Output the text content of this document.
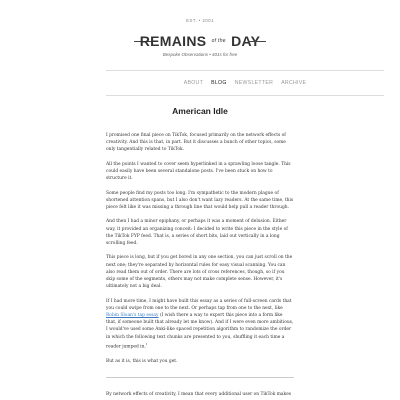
EST. • 2001
REMAINS $^{of the}$ DAY
Bespoke Observations • 401s for free
ABOUT BLOG NEWSLETTER ARCHIVE
American Idle

I promised one final piece on TikTok, focused primarily on the network effects of creativity. And this is that, in part. But it discusses a bunch of other topics, some only tangentially related to TikTok.

All the points I wanted to cover seem hyperlinked in a sprawling loose tangle. This could easily have been several standalone posts. I've been stuck on how to structure it.

Some people find my posts too long. I'm sympathetic to the modern plague of shortened attention spans, but I also don't want lazy readers. At the same time, this piece felt like it was missing a through line that would help pull a reader through.

And then I had a minor epiphany, or perhaps it was a moment of delusion. Either way, it provided an organizing conceit: I decided to write this piece in the style of the TikTok FYP feed. That is, a series of short bits, laid out vertically in a long scrolling feed.

This piece is long, but if you get bored in any one section, you can just scroll on the next one; they're separated by horizontal rules for easy visual scanning. You can also read them out of order. There are lots of cross references, though, so if you skip some of the segments, others may not make complete sense. However, it's ultimately not a big deal.

If I had more time, I might have built this essay as a series of full-screen cards that you could swipe from one to the next. Or perhaps tap from one to the next, like Robin Sloan's tap essay (I wish there a way to export this piece into a form like that, if someone built that already let me know). And if I were even more ambitious, I would've used some Anki-like spaced repetition algorithm to randomize the order in which the following text chunks are presented to you, shuffling it each time a reader jumped in.$^1$

But as it is, this is what you get.

By network effects of creativity, I mean that every additional user on TikTok makes
